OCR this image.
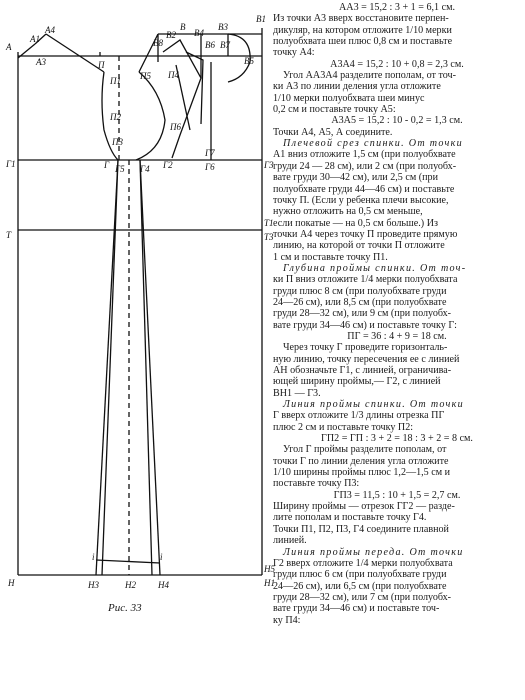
A
A1
A4
A3
П1
П
П2
П3
П4
П5
П6
B2
B
B4
B3
B1
B8	B6 B7
B5
Г1	Г Г5 Г4 Г2
Г7
Г6	Г3
Т
Т1
Т3
i	i
Н	Н3	Н2 Н4
Н5
Н1
Рис. 33

АА3 = 15,2 : 3 + 1 = 6,1 см.

Из точки А3 вверх восстановите перпен-

дикуляр, на котором отложите 1/10 мерки

полуобхвата шеи плюс 0,8 см и поставьте

точку А4:

А3А4 = 15,2 : 10 + 0,8 = 2,3 см.

Угол АА3А4 разделите пополам, от точ-

ки А3 по линии деления угла отложите

1/10 мерки полуобхвата шеи минус

0,2 см и поставьте точку А5:

А3А5 = 15,2 : 10 - 0,2 = 1,3 см.

Точки А4, А5, А соедините.

Плечевой срез спинки. От точки

А1 вниз отложите 1,5 см (при полуобхвате

груди 24 — 28 см), или 2 см (при полуобх-

вате груди 30—42 см), или 2,5 см (при

полуобхвате груди 44—46 см) и поставьте

точку П. (Если у ребенка плечи высокие,

нужно отложить на 0,5 см меньше,

если покатые — на 0,5 см больше.) Из

точки А4 через точку П проведите прямую

линию, на которой от точки П отложите

1 см и поставьте точку П1.

Глубина проймы спинки. От точ-

ки П вниз отложите 1/4 мерки полуобхвата

груди плюс 8 см (при полуобхвате груди

24—26 см), или 8,5 см (при полуобхвате

груди 28—32 см), или 9 см (при полуобх-

вате груди 34—46 см) и поставьте точку Г:

ПГ = 36 : 4 + 9 = 18 см.

Через точку Г проведите горизонталь-

ную линию, точку пересечения ее с линией

АН обозначьте Г1, с линией, ограничива-

ющей ширину проймы,— Г2, с линией

ВН1 — Г3.

Линия проймы спинки. От точки

Г вверх отложите 1/3 длины отрезка ПГ

плюс 2 см и поставьте точку П2:

ГП2 = ГП : 3 + 2 = 18 : 3 + 2 = 8 см.

Угол Г проймы разделите пополам, от

точки Г по линии деления угла отложите

1/10 ширины проймы плюс 1,2—1,5 см и

поставьте точку П3:

ГП3 = 11,5 : 10 + 1,5 = 2,7 см.

Ширину проймы — отрезок ГГ2 — разде-

лите пополам и поставьте точку Г4.

Точки П1, П2, П3, Г4 соедините плавной

линией.

Линия проймы переда. От точки

Г2 вверх отложите 1/4 мерки полуобхвата

груди плюс 6 см (при полуобхвате груди

24—26 см), или 6,5 см (при полуобхвате

груди 28—32 см), или 7 см (при полуобх-

вате груди 34—46 см) и поставьте точ-

ку П4:
